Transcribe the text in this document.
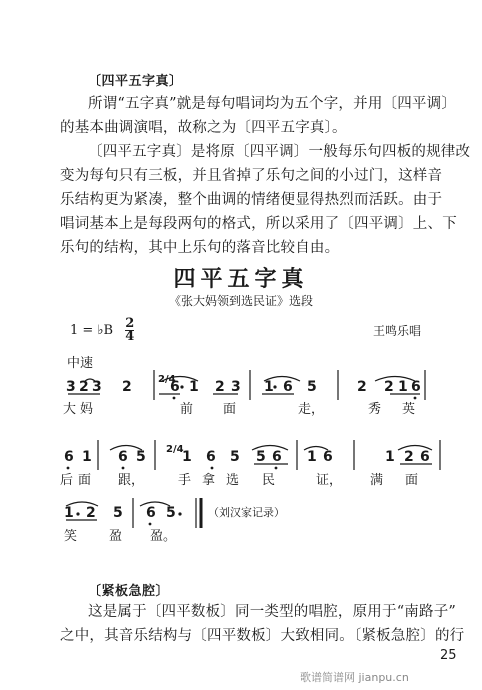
〔四平五字真〕
所谓“五字真”就是每句唱词均为五个字，并用〔四平调〕
的基本曲调演唱，故称之为〔四平五字真〕。
〔四平五字真〕是将原〔四平调〕一般每乐句四板的规律改
变为每句只有三板，并且省掉了乐句之间的小过门，这样音
乐结构更为紧凑，整个曲调的情绪便显得热烈而活跃。由于
唱词基本上是每段两句的格式，所以采用了〔四平调〕上、下
乐句的结构，其中上乐句的落音比较自由。
四平五字真
《张大妈领到选民证》选段
1 = ♭B $\frac{2}{4}$	王鸣乐唱
中速
3 2 3 2	2/4
6 1 2 3 1 6 5	2 2 1 6
大 妈	前 面	走，	秀 英
6 1 6 5 2/4
1 6 5 5 6 1 6	1 2 6
后 面 跟，	手 拿 选 民	证， 满 面
1 2 5 6 5	（刘汉家记录）
笑 盈 盈。
〔紧板急腔〕
这是属于〔四平数板〕同一类型的唱腔，原用于“南路子”
之中，其音乐结构与〔四平数板〕大致相同。〔紧板急腔〕的行
25
歌谱简谱网 jianpu.cn
